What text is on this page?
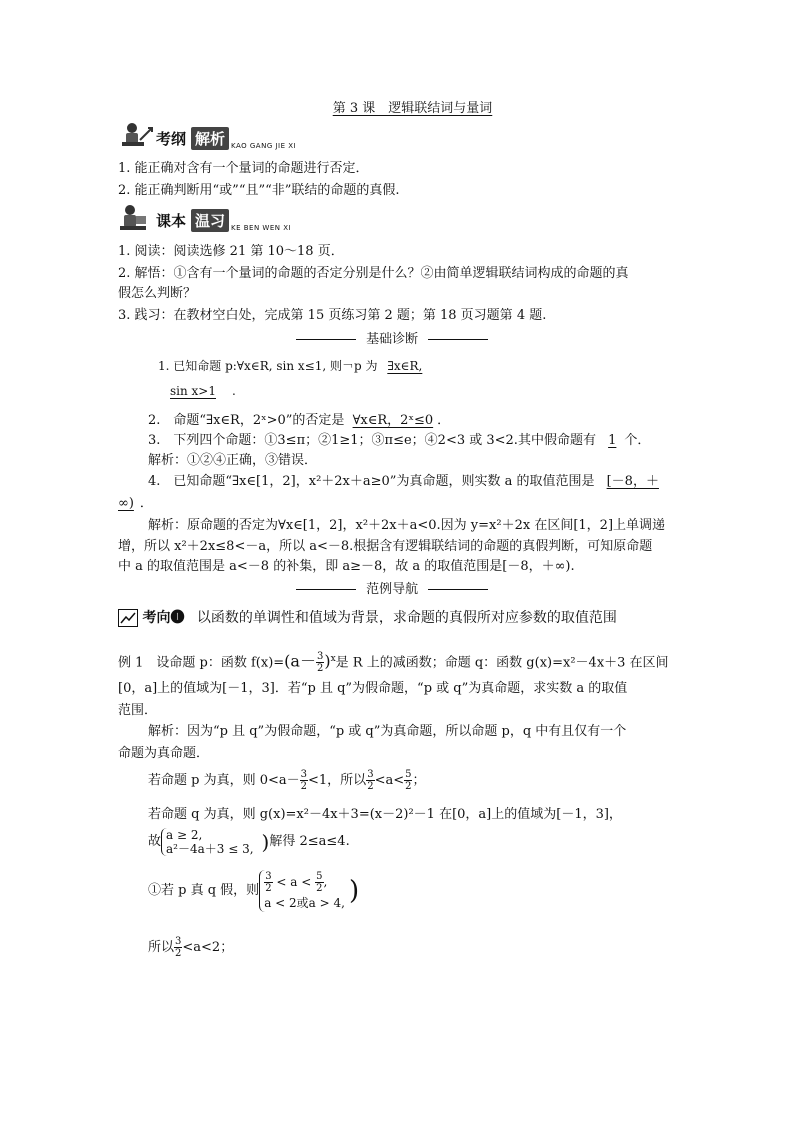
第 3 课　逻辑联结词与量词
考纲 解析 KAO GANG JIE XI
1. 能正确对含有一个量词的命题进行否定．
2. 能正确判断用“或”“且”“非”联结的命题的真假.
课本 温习 KE BEN WEN XI
1. 阅读：阅读选修 21 第 10～18 页．
2. 解悟：①含有一个量词的命题的否定分别是什么？②由简单逻辑联结词构成的命题的真
假怎么判断？
3. 践习：在教材空白处，完成第 15 页练习第 2 题；第 18 页习题第 4 题.
基础诊断
1. 已知命题 p:∀x∈R, sin x≤1, 则￢p 为 ∃x∈R,
sin x>1 .
2.　命题“∃x∈R，2ˣ>0”的否定是 ∀x∈R，2ˣ≤0 ．
3.　下列四个命题：①3≤π；②1≥1；③π≤e；④2<3 或 3<2.其中假命题有 1 个．
解析：①②④正确，③错误．
4.　已知命题“∃x∈[1，2]，x²＋2x＋a≥0”为真命题，则实数 a 的取值范围是 [－8，＋
∞) ．
解析：原命题的否定为∀x∈[1，2]，x²＋2x＋a<0.因为 y=x²＋2x 在区间[1，2]上单调递
增，所以 x²＋2x≤8<－a，所以 a<－8.根据含有逻辑联结词的命题的真假判断，可知原命题
中 a 的取值范围是 a<－8 的补集，即 a≥－8，故 a 的取值范围是[－8，＋∞).
范例导航
考向❶ 以函数的单调性和值域为背景，求命题的真假所对应参数的取值范围
例 1　设命题 p：函数 $f(x)=(a- \frac{3}{2} )^x$是 R 上的减函数；命题 q：函数 g(x)=x²－4x＋3 在区间
[0，a]上的值域为[－1，3]．若“p 且 q”为假命题，“p 或 q”为真命题，求实数 a 的取值
范围．
解析：因为“p 且 q”为假命题，“p 或 q”为真命题，所以命题 p，q 中有且仅有一个
命题为真命题．
若命题 p 为真，则 $0<a- \frac{3}{2} <1$，所以 $\frac{3}{2} <a< \frac{5}{2}$ ；
若命题 q 为真，则 g(x)=x²－4x＋3=(x－2)²－1 在[0，a]上的值域为[－1，3]，
故 a ≥ 2,
a²－4a＋3 ≤ 3, )解得 2≤a≤4.
①若 p 真 q 假，则 $\frac{3}{2} < a < \frac{5}{2}$ ,
a < 2或a > 4, )
所以 $\frac{3}{2} <a<2$；
